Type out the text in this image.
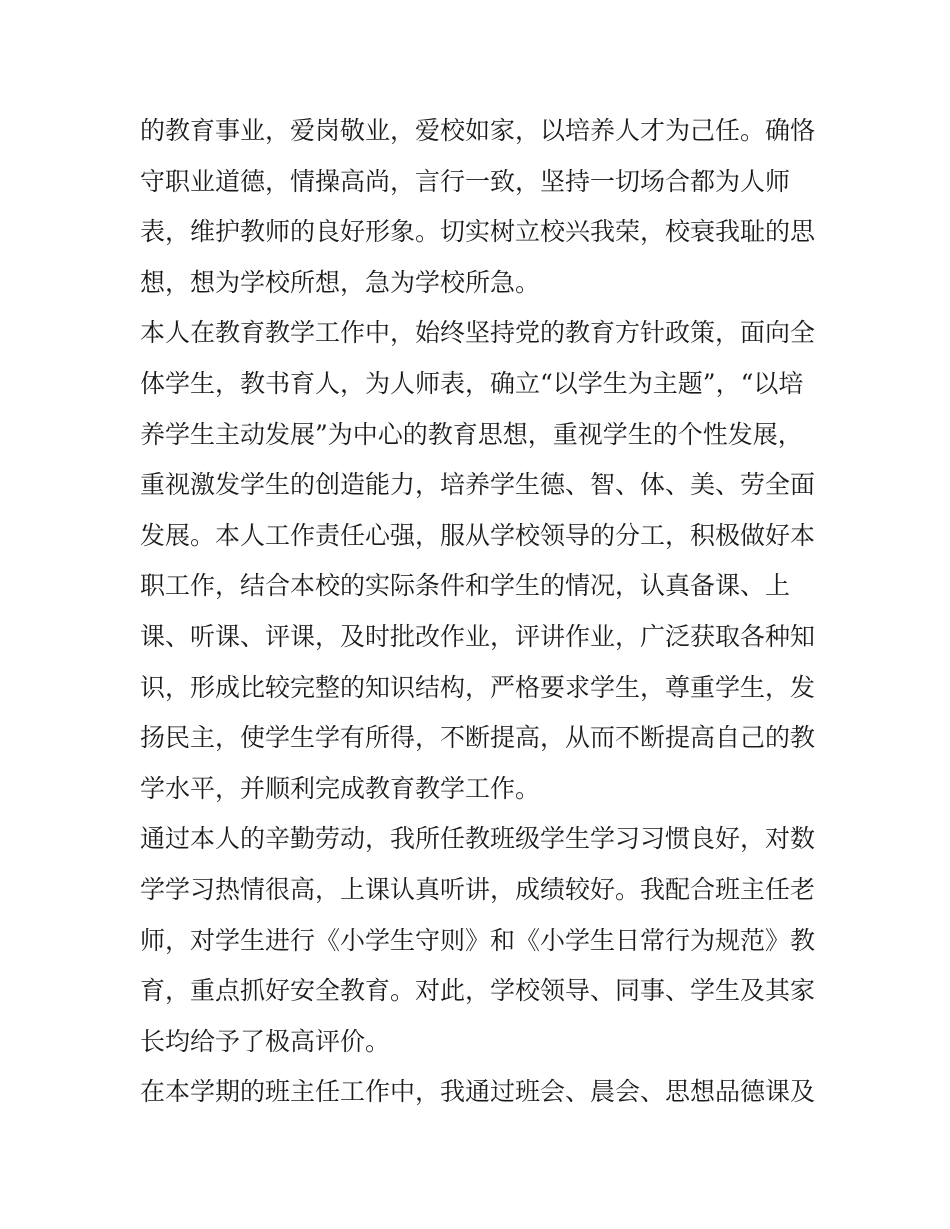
的教育事业，爱岗敬业，爱校如家，以培养人才为己任。确恪
守职业道德，情操高尚，言行一致，坚持一切场合都为人师
表，维护教师的良好形象。切实树立校兴我荣，校衰我耻的思
想，想为学校所想，急为学校所急。
本人在教育教学工作中，始终坚持党的教育方针政策，面向全
体学生，教书育人，为人师表，确立“以学生为主题”，“以培
养学生主动发展”为中心的教育思想，重视学生的个性发展，
重视激发学生的创造能力，培养学生德、智、体、美、劳全面
发展。本人工作责任心强，服从学校领导的分工，积极做好本
职工作，结合本校的实际条件和学生的情况，认真备课、上
课、听课、评课，及时批改作业，评讲作业，广泛获取各种知
识，形成比较完整的知识结构，严格要求学生，尊重学生，发
扬民主，使学生学有所得，不断提高，从而不断提高自己的教
学水平，并顺利完成教育教学工作。
通过本人的辛勤劳动，我所任教班级学生学习习惯良好，对数
学学习热情很高，上课认真听讲，成绩较好。我配合班主任老
师，对学生进行《小学生守则》和《小学生日常行为规范》教
育，重点抓好安全教育。对此，学校领导、同事、学生及其家
长均给予了极高评价。
在本学期的班主任工作中，我通过班会、晨会、思想品德课及
